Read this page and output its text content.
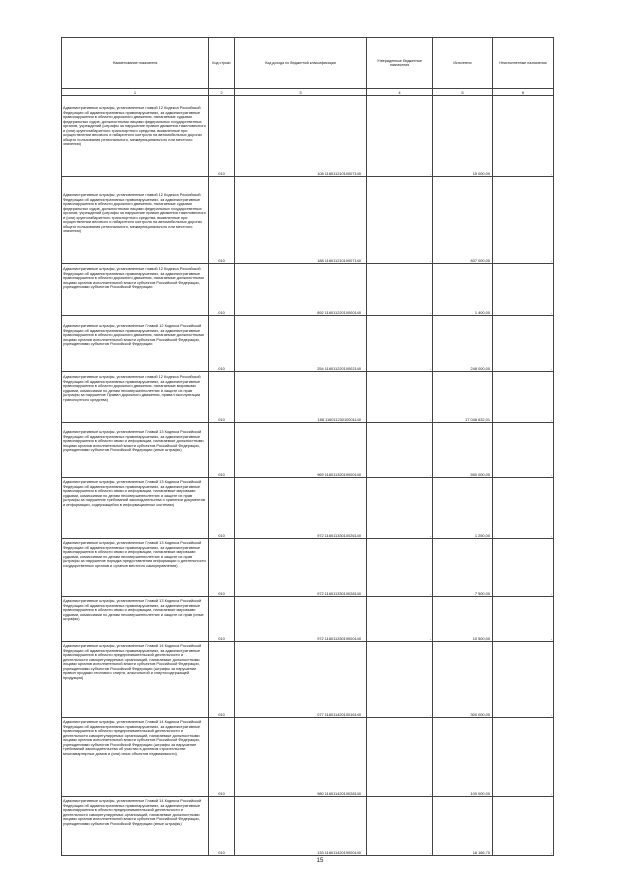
Наименование показателя	Код строки	Код дохода по бюджетной классификации	Утвержденные бюджетные назначения	Исполнено	Неисполненные назначения
1	2	3	4	5	6

Административные штрафы, установленные главой 12 Кодекса Российской Федерации об административных правонарушениях, за административные правонарушения в области дорожного движения, налагаемые судьями федеральных судов, должностными лицами федеральных государственных органов, учреждений (штрафы за нарушение правил движения тяжеловесного и (или) крупногабаритного транспортного средства, выявленные при осуществлении весового и габаритного контроля на автомобильных дорогах общего пользования регионального, межмуниципального или местного значения)	010	108 11601121010007140	-	15 000,00	-

Административные штрафы, установленные главой 12 Кодекса Российской Федерации об административных правонарушениях, за административные правонарушения в области дорожного движения, налагаемые судьями федеральных судов, должностными лицами федеральных государственных органов, учреждений (штрафы за нарушение правил движения тяжеловесного и (или) крупногабаритного транспортного средства, выявленные при осуществлении весового и габаритного контроля на автомобильных дорогах общего пользования регионального, межмуниципального или местного значения)	010	188 11601121010007140	-	837 000,00	-

Административные штрафы, установленные главой 12 Кодекса Российской Федерации об административных правонарушениях, за административные правонарушения в области дорожного движения, налагаемые должностными лицами органов исполнительной власти субъектов Российской Федерации, учреждениями субъектов Российской Федерации	010	892 11601122010000140	-	1 400,00	-

Административные штрафы, установленные Главой 12 Кодекса Российской Федерации об административных правонарушениях, за административные правонарушения в области дорожного движения, налагаемые должностными лицами органов исполнительной власти субъектов Российской Федерации, учреждениями субъектов Российской Федерации	010	254 11601122010002140	-	248 000,00	-

Административные штрафы, установленные главой 12 Кодекса Российской Федерации об административных правонарушениях, за административные правонарушения в области дорожного движения, налагаемые мировыми судьями, комиссиями по делам несовершеннолетних и защите их прав (штрафы за нарушение Правил дорожного движения, правил эксплуатации транспортного средства)	010	188 11601123010001140	-	17 048 632,01	-

Административные штрафы, установленные Главой 13 Кодекса Российской Федерации об административных правонарушениях, за административные правонарушения в области связи и информации, налагаемые должностными лицами органов исполнительной власти субъектов Российской Федерации, учреждениями субъектов Российской Федерации (иные штрафы)	010	969 11601132019000140	-	550 000,00	-

Административные штрафы, установленные Главой 13 Кодекса Российской Федерации об административных правонарушениях, за административные правонарушения в области связи и информации, налагаемые мировыми судьями, комиссиями по делам несовершеннолетних и защите их прав (штрафы за нарушение требований законодательства о хранении документов и информации, содержащейся в информационных системах)	010	972 11601133010026140	-	1 250,00	-

Административные штрафы, установленные Главой 13 Кодекса Российской Федерации об административных правонарушениях, за административные правонарушения в области связи и информации, налагаемые мировыми судьями, комиссиями по делам несовершеннолетних и защите их прав (штрафы за нарушение порядка предоставления информации о деятельности государственных органов и органов местного самоуправления)	010	972 11601133010028140	-	7 500,00	-

Административные штрафы, установленные Главой 13 Кодекса Российской Федерации об административных правонарушениях, за административные правонарушения в области связи и информации, налагаемые мировыми судьями, комиссиями по делам несовершеннолетних и защите их прав (иные штрафы)	010	972 11601133019000140	-	10 500,00	-

Административные штрафы, установленные Главой 14 Кодекса Российской Федерации об административных правонарушениях, за административные правонарушения в области предпринимательской деятельности и деятельности саморегулируемых организаций, налагаемые должностными лицами органов исполнительной власти субъектов Российской Федерации, учреждениями субъектов Российской Федерации (штрафы за нарушение правил продажи этилового спирта, алкогольной и спиртосодержащей продукции)	010	077 11601142010016140	-	300 000,00	-

Административные штрафы, установленные Главой 14 Кодекса Российской Федерации об административных правонарушениях, за административные правонарушения в области предпринимательской деятельности и деятельности саморегулируемых организаций, налагаемые должностными лицами органов исполнительной власти субъектов Российской Федерации, учреждениями субъектов Российской Федерации (штрафы за нарушение требований законодательства об участии в долевом строительстве многоквартирных домов и (или) иных объектов недвижимости)	010	980 11601142010028140	-	100 000,00	-

Административные штрафы, установленные Главой 14 Кодекса Российской Федерации об административных правонарушениях, за административные правонарушения в области предпринимательской деятельности и деятельности саморегулируемых организаций, налагаемые должностными лицами органов исполнительной власти субъектов Российской Федерации, учреждениями субъектов Российской Федерации (иные штрафы)	010	133 11601142019000140	-	18 166,70	-
15
